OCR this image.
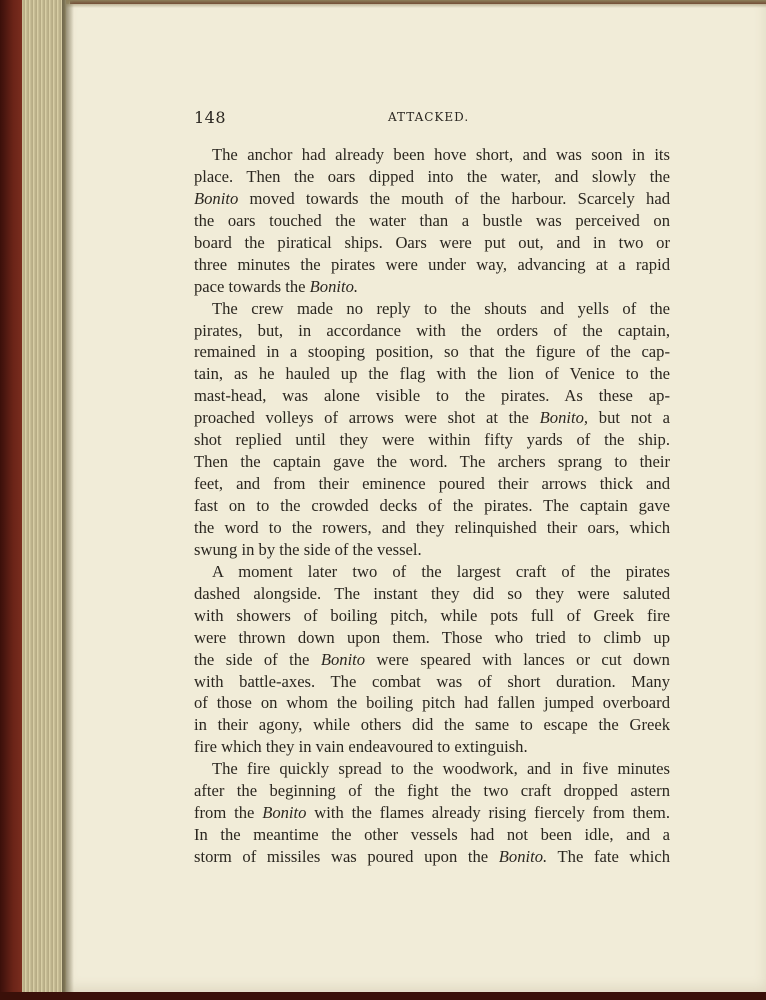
148	ATTACKED.
The anchor had already been hove short, and was soon in its
place. Then the oars dipped into the water, and slowly the
Bonito moved towards the mouth of the harbour. Scarcely had
the oars touched the water than a bustle was perceived on
board the piratical ships. Oars were put out, and in two or
three minutes the pirates were under way, advancing at a rapid
pace towards the Bonito.
The crew made no reply to the shouts and yells of the
pirates, but, in accordance with the orders of the captain,
remained in a stooping position, so that the figure of the cap-
tain, as he hauled up the flag with the lion of Venice to the
mast-head, was alone visible to the pirates. As these ap-
proached volleys of arrows were shot at the Bonito, but not a
shot replied until they were within fifty yards of the ship.
Then the captain gave the word. The archers sprang to their
feet, and from their eminence poured their arrows thick and
fast on to the crowded decks of the pirates. The captain gave
the word to the rowers, and they relinquished their oars, which
swung in by the side of the vessel.
A moment later two of the largest craft of the pirates
dashed alongside. The instant they did so they were saluted
with showers of boiling pitch, while pots full of Greek fire
were thrown down upon them. Those who tried to climb up
the side of the Bonito were speared with lances or cut down
with battle-axes. The combat was of short duration. Many
of those on whom the boiling pitch had fallen jumped overboard
in their agony, while others did the same to escape the Greek
fire which they in vain endeavoured to extinguish.
The fire quickly spread to the woodwork, and in five minutes
after the beginning of the fight the two craft dropped astern
from the Bonito with the flames already rising fiercely from them.
In the meantime the other vessels had not been idle, and a
storm of missiles was poured upon the Bonito. The fate which
